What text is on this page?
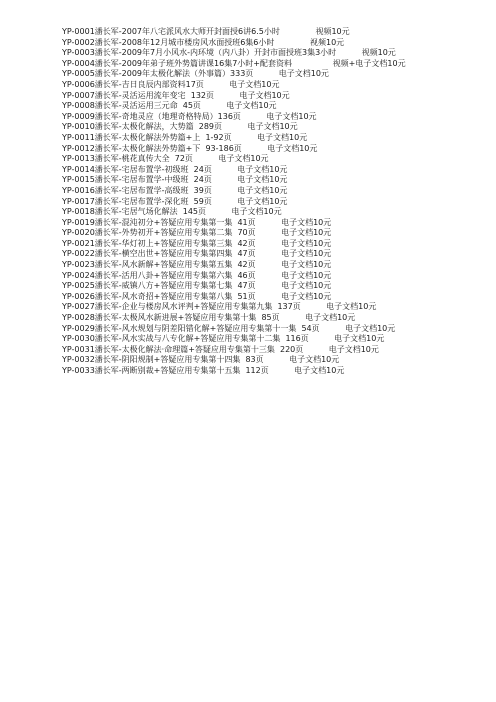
YP-0001潘长军-2007年八宅派风水大师开封面授6讲6.5小时              视频10元
YP-0002潘长军-2008年12月城市楼房风水面授班6集6小时              视频10元
YP-0003潘长军-2009年7月小风水-内环境（内八卦）开封市面授班3集3小时          视频10元
YP-0004潘长军-2009年弟子班外势篇讲课16集7小时+配套资料                视频+电子文档10元
YP-0005潘长军-2009年太极化解法（外事篇）333页          电子文档10元
YP-0006潘长军-吉日良辰内部资料17页          电子文档10元
YP-0007潘长军-灵活运用流年变宅  132页          电子文档10元
YP-0008潘长军-灵活运用三元命  45页          电子文档10元
YP-0009潘长军-奇地灵应（地理奇格特局）136页          电子文档10元
YP-0010潘长军-太极化解法，大势篇  289页          电子文档10元
YP-0011潘长军-太极化解法外势篇+上  1-92页          电子文档10元
YP-0012潘长军-太极化解法外势篇+下  93-186页          电子文档10元
YP-0013潘长军-桃花真传大全  72页          电子文档10元
YP-0014潘长军-宅居布置学-初级班  24页          电子文档10元
YP-0015潘长军-宅居布置学-中级班  24页          电子文档10元
YP-0016潘长军-宅居布置学-高级班  39页          电子文档10元
YP-0017潘长军-宅居布置学-深化班  59页          电子文档10元
YP-0018潘长军-宅居气场化解法  145页          电子文档10元
YP-0019潘长军-混沌初分+答疑应用专集第一集  41页          电子文档10元
YP-0020潘长军-外势初开+答疑应用专集第二集  70页          电子文档10元
YP-0021潘长军-华灯初上+答疑应用专集第三集  42页          电子文档10元
YP-0022潘长军-横空出世+答疑应用专集第四集  47页          电子文档10元
YP-0023潘长军-风水新解+答疑应用专集第五集  42页          电子文档10元
YP-0024潘长军-活用八卦+答疑应用专集第六集  46页          电子文档10元
YP-0025潘长军-威镇八方+答疑应用专集第七集  47页          电子文档10元
YP-0026潘长军-风水奇招+答疑应用专集第八集  51页          电子文档10元
YP-0027潘长军-企业与楼房风水评判+答疑应用专集第九集  137页          电子文档10元
YP-0028潘长军-太极风水新进展+答疑应用专集第十集  85页          电子文档10元
YP-0029潘长军-风水规划与阴差阳错化解+答疑应用专集第十一集  54页          电子文档10元
YP-0030潘长军-风水实战与八专化解+答疑应用专集第十二集  116页          电子文档10元
YP-0031潘长军-太极化解法·命理篇+答疑应用专集第十三集  220页          电子文档10元
YP-0032潘长军-阴阳规制+答疑应用专集第十四集  83页          电子文档10元
YP-0033潘长军-两断别裁+答疑应用专集第十五集  112页          电子文档10元
